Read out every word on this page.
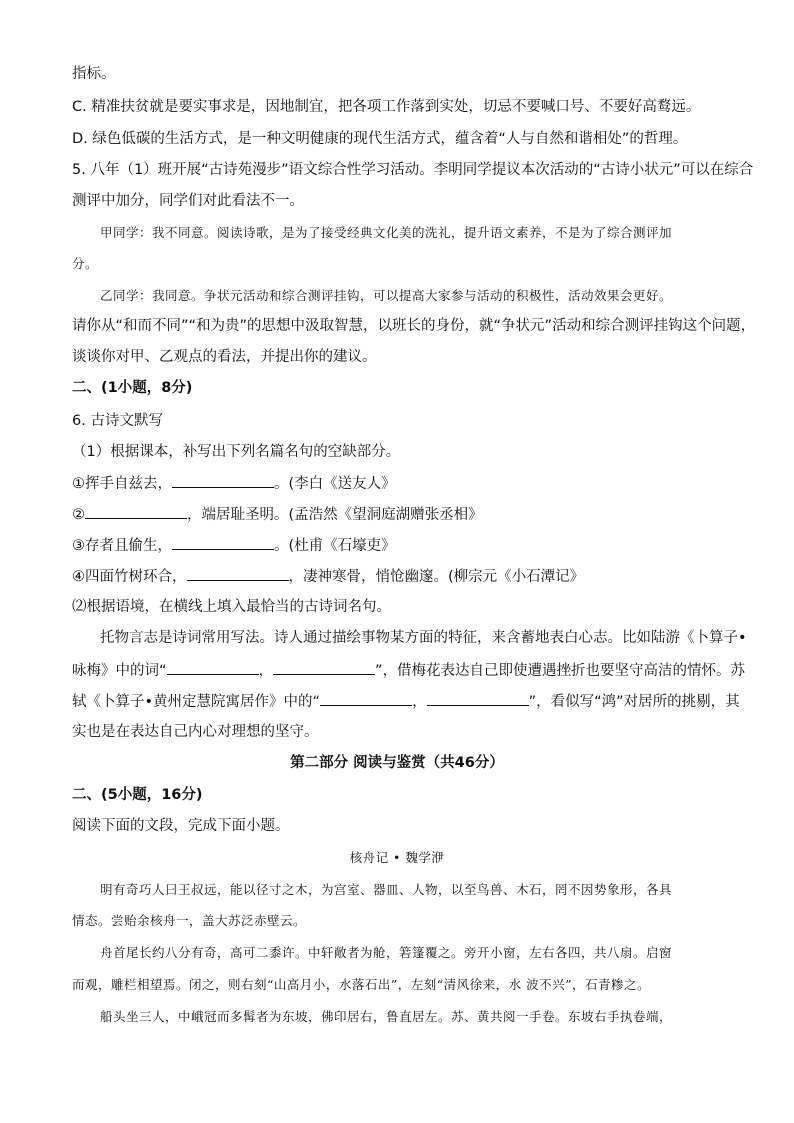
指标。
C. 精准扶贫就是要实事求是，因地制宜，把各项工作落到实处，切忌不要喊口号、不要好高鹜远。
D. 绿色低碳的生活方式，是一种文明健康的现代生活方式，蕴含着“人与自然和谐相处”的哲理。
5. 八年（1）班开展“古诗苑漫步”语文综合性学习活动。李明同学提议本次活动的“古诗小状元”可以在综合
测评中加分，同学们对此看法不一。
甲同学：我不同意。阅读诗歌，是为了接受经典文化美的洗礼，提升语文素养，不是为了综合测评加
分。
乙同学：我同意。争状元活动和综合测评挂钩，可以提高大家参与活动的积极性，活动效果会更好。
请你从“和而不同”“和为贵”的思想中汲取智慧，以班长的身份，就“争状元”活动和综合测评挂钩这个问题，
谈谈你对甲、乙观点的看法，并提出你的建议。
二、(1小题，8分)
6. 古诗文默写
（1）根据课本，补写出下列名篇名句的空缺部分。
①挥手自兹去，	。(李白《送友人》
②	，端居耻圣明。(孟浩然《望洞庭湖赠张丞相》
③存者且偷生，	。(杜甫《石壕吏》
④四面竹树环合，	，凄神寒骨，悄怆幽邃。(柳宗元《小石潭记》
⑵根据语境，在横线上填入最恰当的古诗词名句。
托物言志是诗词常用写法。诗人通过描绘事物某方面的特征，来含蓄地表白心志。比如陆游《卜算子•
咏梅》中的词“	，	”，借梅花表达自己即使遭遇挫折也要坚守高洁的情怀。苏
轼《卜算子•黄州定慧院寓居作》中的“	，	”，看似写“鸿”对居所的挑剔，其
实也是在表达自己内心对理想的坚守。
第二部分 阅读与鉴赏（共46分）
二、(5小题，16分)
阅读下面的文段，完成下面小题。
核舟记 • 魏学洢
明有奇巧人曰王叔远，能以径寸之木，为宫室、器皿、人物，以至鸟兽、木石，罔不因势象形，各具
情态。尝贻余核舟一，盖大苏泛赤壁云。
舟首尾长约八分有奇，高可二黍许。中轩敞者为舱，箬篷覆之。旁开小窗，左右各四，共八扇。启窗
而观，雕栏相望焉。闭之，则右刻“山高月小，水落石出”，左刻“清风徐来，水 波不兴”，石青糁之。
船头坐三人，中峨冠而多髯者为东坡，佛印居右，鲁直居左。苏、黄共阅一手卷。东坡右手执卷端，
